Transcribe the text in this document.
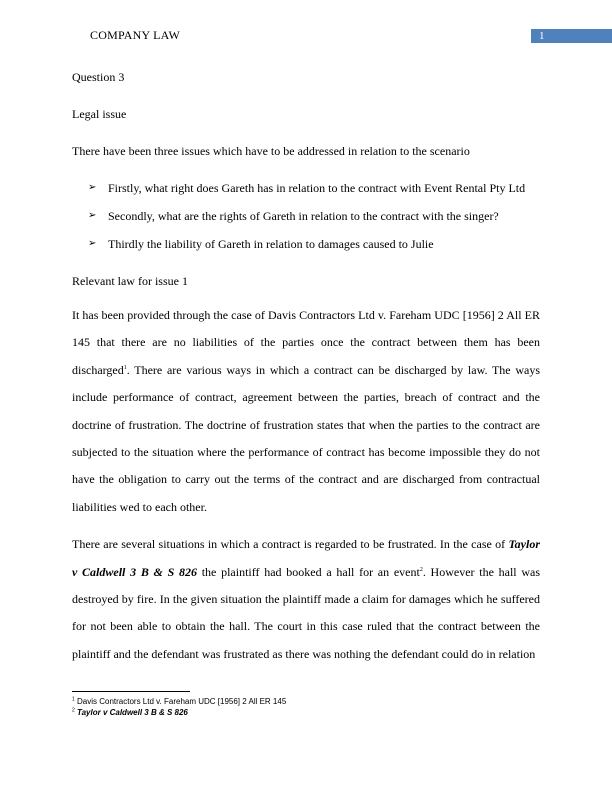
COMPANY LAW	1

Question 3

Legal issue

There have been three issues which have to be addressed in relation to the scenario

➢ Firstly, what right does Gareth has in relation to the contract with Event Rental Pty Ltd
➢ Secondly, what are the rights of Gareth in relation to the contract with the singer?
➢ Thirdly the liability of Gareth in relation to damages caused to Julie

Relevant law for issue 1

It has been provided through the case of Davis Contractors Ltd v. Fareham UDC [1956] 2 All ER 145 that there are no liabilities of the parties once the contract between them has been discharged$^1$. There are various ways in which a contract can be discharged by law. The ways include performance of contract, agreement between the parties, breach of contract and the doctrine of frustration. The doctrine of frustration states that when the parties to the contract are subjected to the situation where the performance of contract has become impossible they do not have the obligation to carry out the terms of the contract and are discharged from contractual liabilities wed to each other.

There are several situations in which a contract is regarded to be frustrated. In the case of Taylor v Caldwell 3 B & S 826 the plaintiff had booked a hall for an event$^2$. However the hall was destroyed by fire. In the given situation the plaintiff made a claim for damages which he suffered for not been able to obtain the hall. The court in this case ruled that the contract between the plaintiff and the defendant was frustrated as there was nothing the defendant could do in relation

$^1$ Davis Contractors Ltd v. Fareham UDC [1956] 2 All ER 145
$^2$ Taylor v Caldwell 3 B & S 826
